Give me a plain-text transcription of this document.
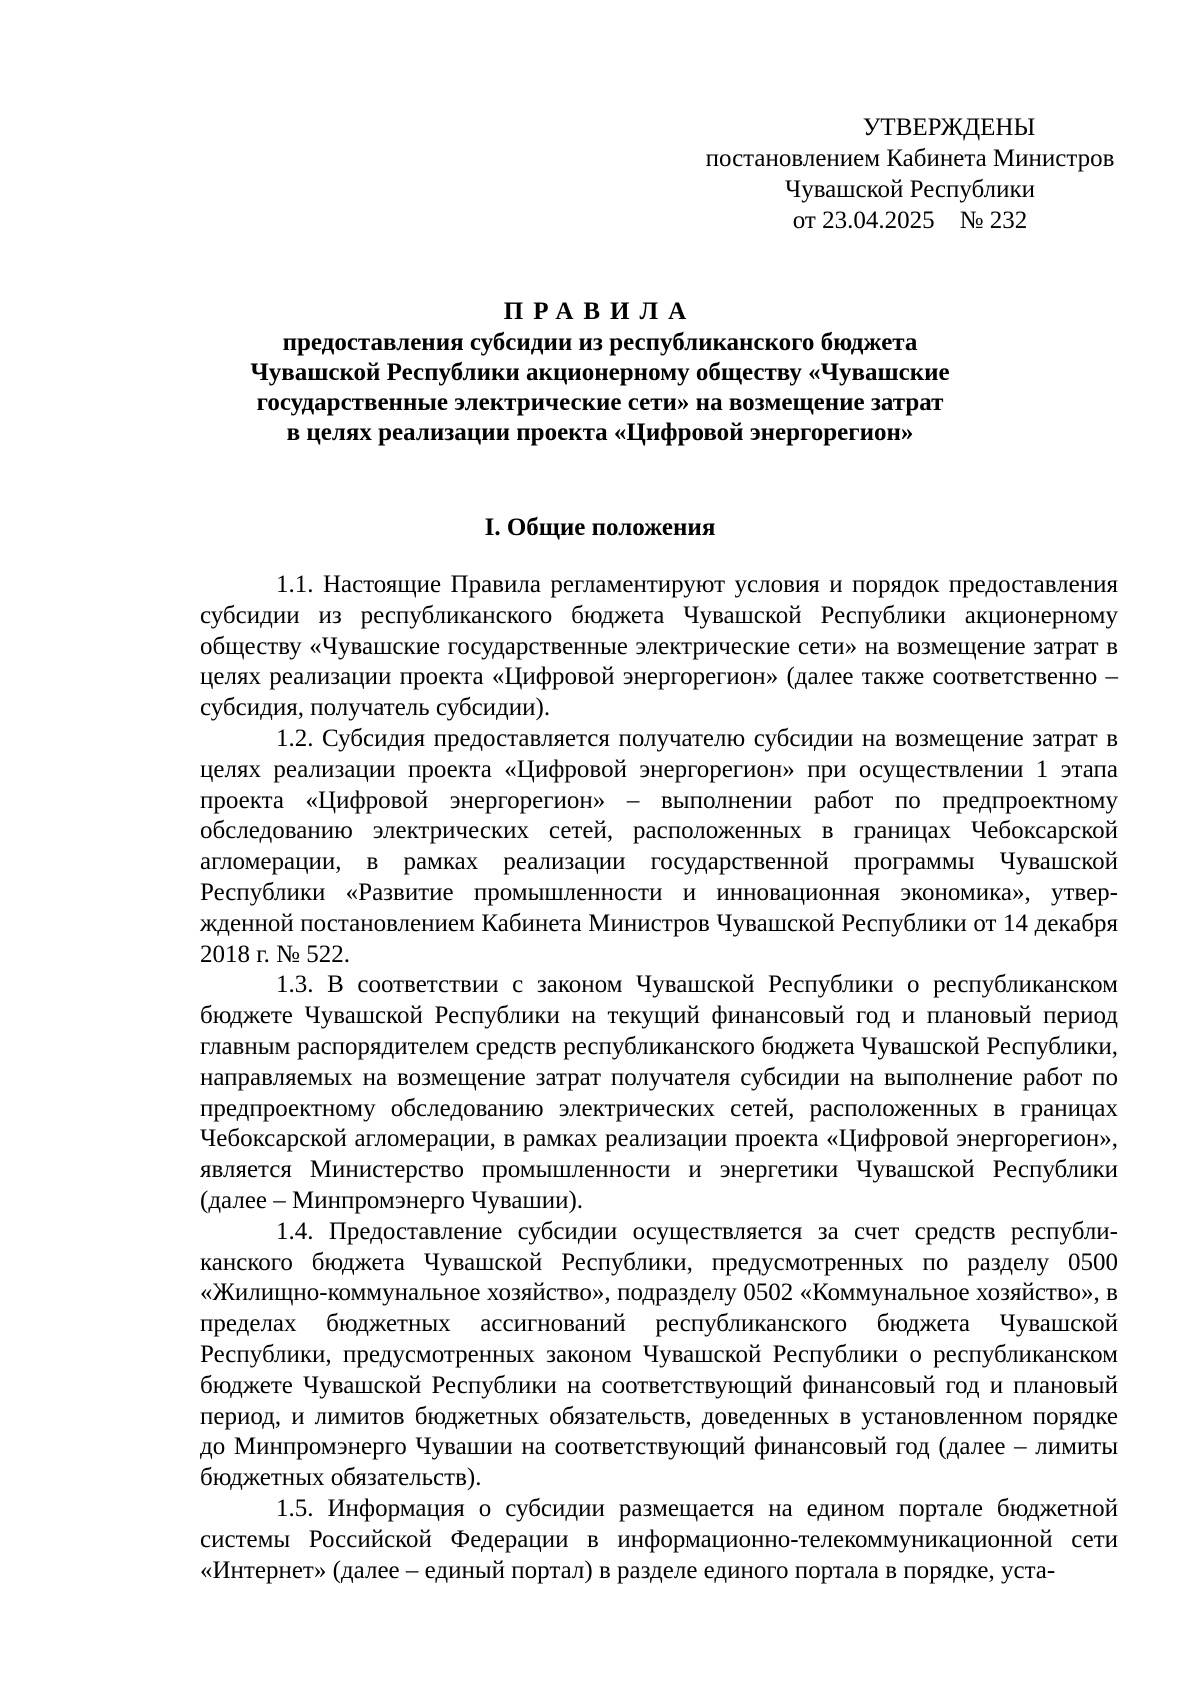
УТВЕРЖДЕНЫ
постановлением Кабинета Министров
Чувашской Республики
от 23.04.2025    № 232
ПРАВИЛА
предоставления субсидии из республиканского бюджета
Чувашской Республики акционерному обществу «Чувашские
государственные электрические сети» на возмещение затрат
в целях реализации проекта «Цифровой энергорегион»
I. Общие положения

1.1. Настоящие Правила регламентируют условия и порядок предоставления субсидии из республиканского бюджета Чувашской Республики акционерному обществу «Чувашские государственные электрические сети» на возмещение затрат в целях реализации проекта «Цифровой энергорегион» (далее также соответственно – субсидия, получатель субсидии).

1.2. Субсидия предоставляется получателю субсидии на возмещение затрат в целях реализации проекта «Цифровой энергорегион» при осуществлении 1 этапа проекта «Цифровой энергорегион» – выполнении работ по предпроектному обследованию электрических сетей, расположенных в границах Чебоксарской агломерации, в рамках реализации государственной программы Чувашской Республики «Развитие промышленности и инновационная экономика», утвержденной постановлением Кабинета Министров Чувашской Республики от 14 декабря 2018 г. № 522.

1.3. В соответствии с законом Чувашской Республики о республиканском бюджете Чувашской Республики на текущий финансовый год и плановый период главным распорядителем средств республиканского бюджета Чувашской Республики, направляемых на возмещение затрат получателя субсидии на выполнение работ по предпроектному обследованию электрических сетей, расположенных в границах Чебоксарской агломерации, в рамках реализации проекта «Цифровой энергорегион», является Министерство промышленности и энергетики Чувашской Республики (далее – Минпромэнерго Чувашии).

1.4. Предоставление субсидии осуществляется за счет средств республиканского бюджета Чувашской Республики, предусмотренных по разделу 0500 «Жилищно-коммунальное хозяйство», подразделу 0502 «Коммунальное хозяйство», в пределах бюджетных ассигнований республиканского бюджета Чувашской Республики, предусмотренных законом Чувашской Республики о республиканском бюджете Чувашской Республики на соответствующий финансовый год и плановый период, и лимитов бюджетных обязательств, доведенных в установленном порядке до Минпромэнерго Чувашии на соответствующий финансовый год (далее – лимиты бюджетных обязательств).

1.5. Информация о субсидии размещается на едином портале бюджетной системы Российской Федерации в информационно-телекоммуникационной сети «Интернет» (далее – единый портал) в разделе единого портала в порядке, уста-
